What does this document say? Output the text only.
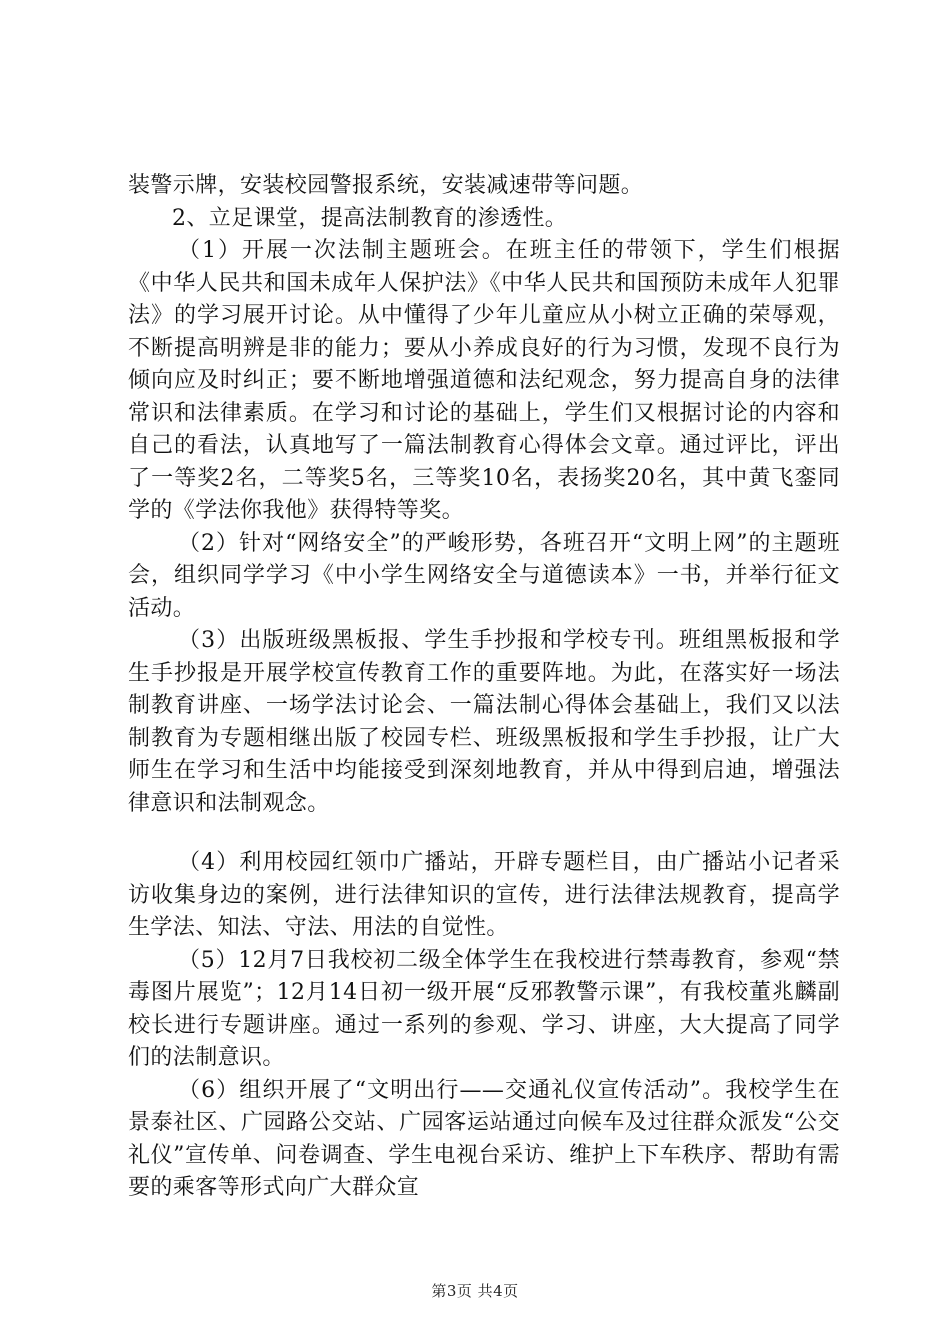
装警示牌，安装校园警报系统，安装减速带等问题。

2、立足课堂，提高法制教育的渗透性。

（1）开展一次法制主题班会。在班主任的带领下，学生们根据《中华人民共和国未成年人保护法》《中华人民共和国预防未成年人犯罪法》的学习展开讨论。从中懂得了少年儿童应从小树立正确的荣辱观，不断提高明辨是非的能力；要从小养成良好的行为习惯，发现不良行为倾向应及时纠正；要不断地增强道德和法纪观念，努力提高自身的法律常识和法律素质。在学习和讨论的基础上，学生们又根据讨论的内容和自己的看法，认真地写了一篇法制教育心得体会文章。通过评比，评出了一等奖2名，二等奖5名，三等奖10名，表扬奖20名，其中黄飞銮同学的《学法你我他》获得特等奖。

（2）针对“网络安全”的严峻形势，各班召开“文明上网”的主题班会，组织同学学习《中小学生网络安全与道德读本》一书，并举行征文活动。

（3）出版班级黑板报、学生手抄报和学校专刊。班组黑板报和学生手抄报是开展学校宣传教育工作的重要阵地。为此，在落实好一场法制教育讲座、一场学法讨论会、一篇法制心得体会基础上，我们又以法制教育为专题相继出版了校园专栏、班级黑板报和学生手抄报，让广大师生在学习和生活中均能接受到深刻地教育，并从中得到启迪，增强法律意识和法制观念。

（4）利用校园红领巾广播站，开辟专题栏目，由广播站小记者采访收集身边的案例，进行法律知识的宣传，进行法律法规教育，提高学生学法、知法、守法、用法的自觉性。

（5）12月7日我校初二级全体学生在我校进行禁毒教育，参观“禁毒图片展览”；12月14日初一级开展“反邪教警示课”，有我校董兆麟副校长进行专题讲座。通过一系列的参观、学习、讲座，大大提高了同学们的法制意识。

（6）组织开展了“文明出行——交通礼仪宣传活动”。我校学生在景泰社区、广园路公交站、广园客运站通过向候车及过往群众派发“公交礼仪”宣传单、问卷调查、学生电视台采访、维护上下车秩序、帮助有需要的乘客等形式向广大群众宣

第3页 共4页
